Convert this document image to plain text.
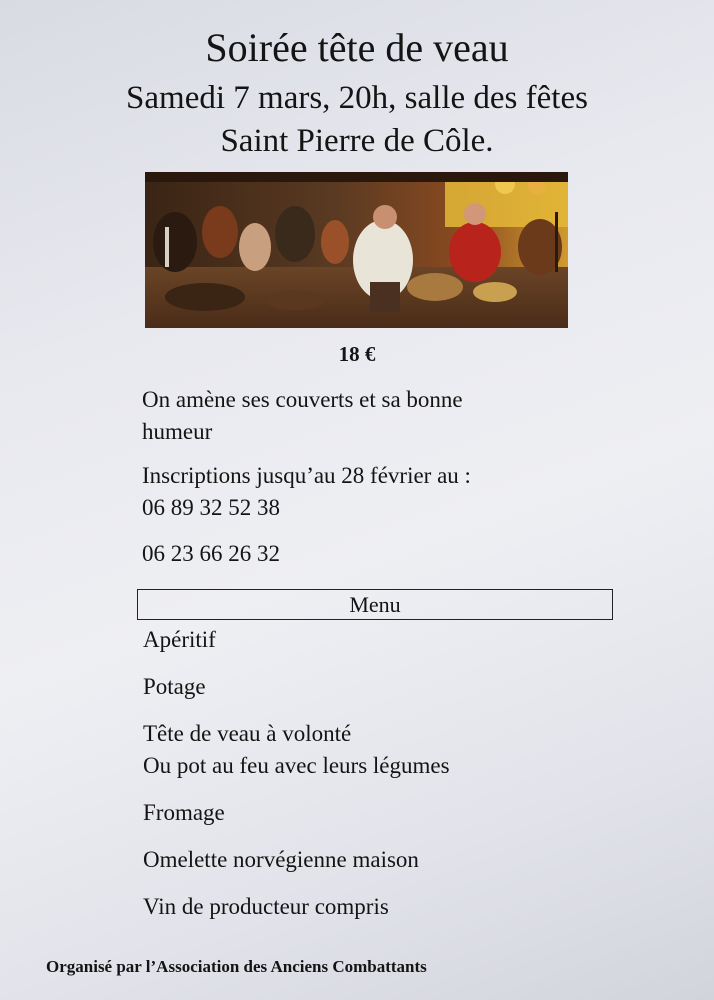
Soirée tête de veau
Samedi 7 mars, 20h, salle des fêtes
Saint Pierre de Côle.
18 €
On amène ses couverts et sa bonne
humeur
Inscriptions jusqu’au 28 février au :
06 89 32 52 38
06 23 66 26 32
Menu
Apéritif
Potage
Tête de veau à volonté
Ou pot au feu avec leurs légumes
Fromage
Omelette norvégienne maison
Vin de producteur compris
Organisé par l’Association des Anciens Combattants
